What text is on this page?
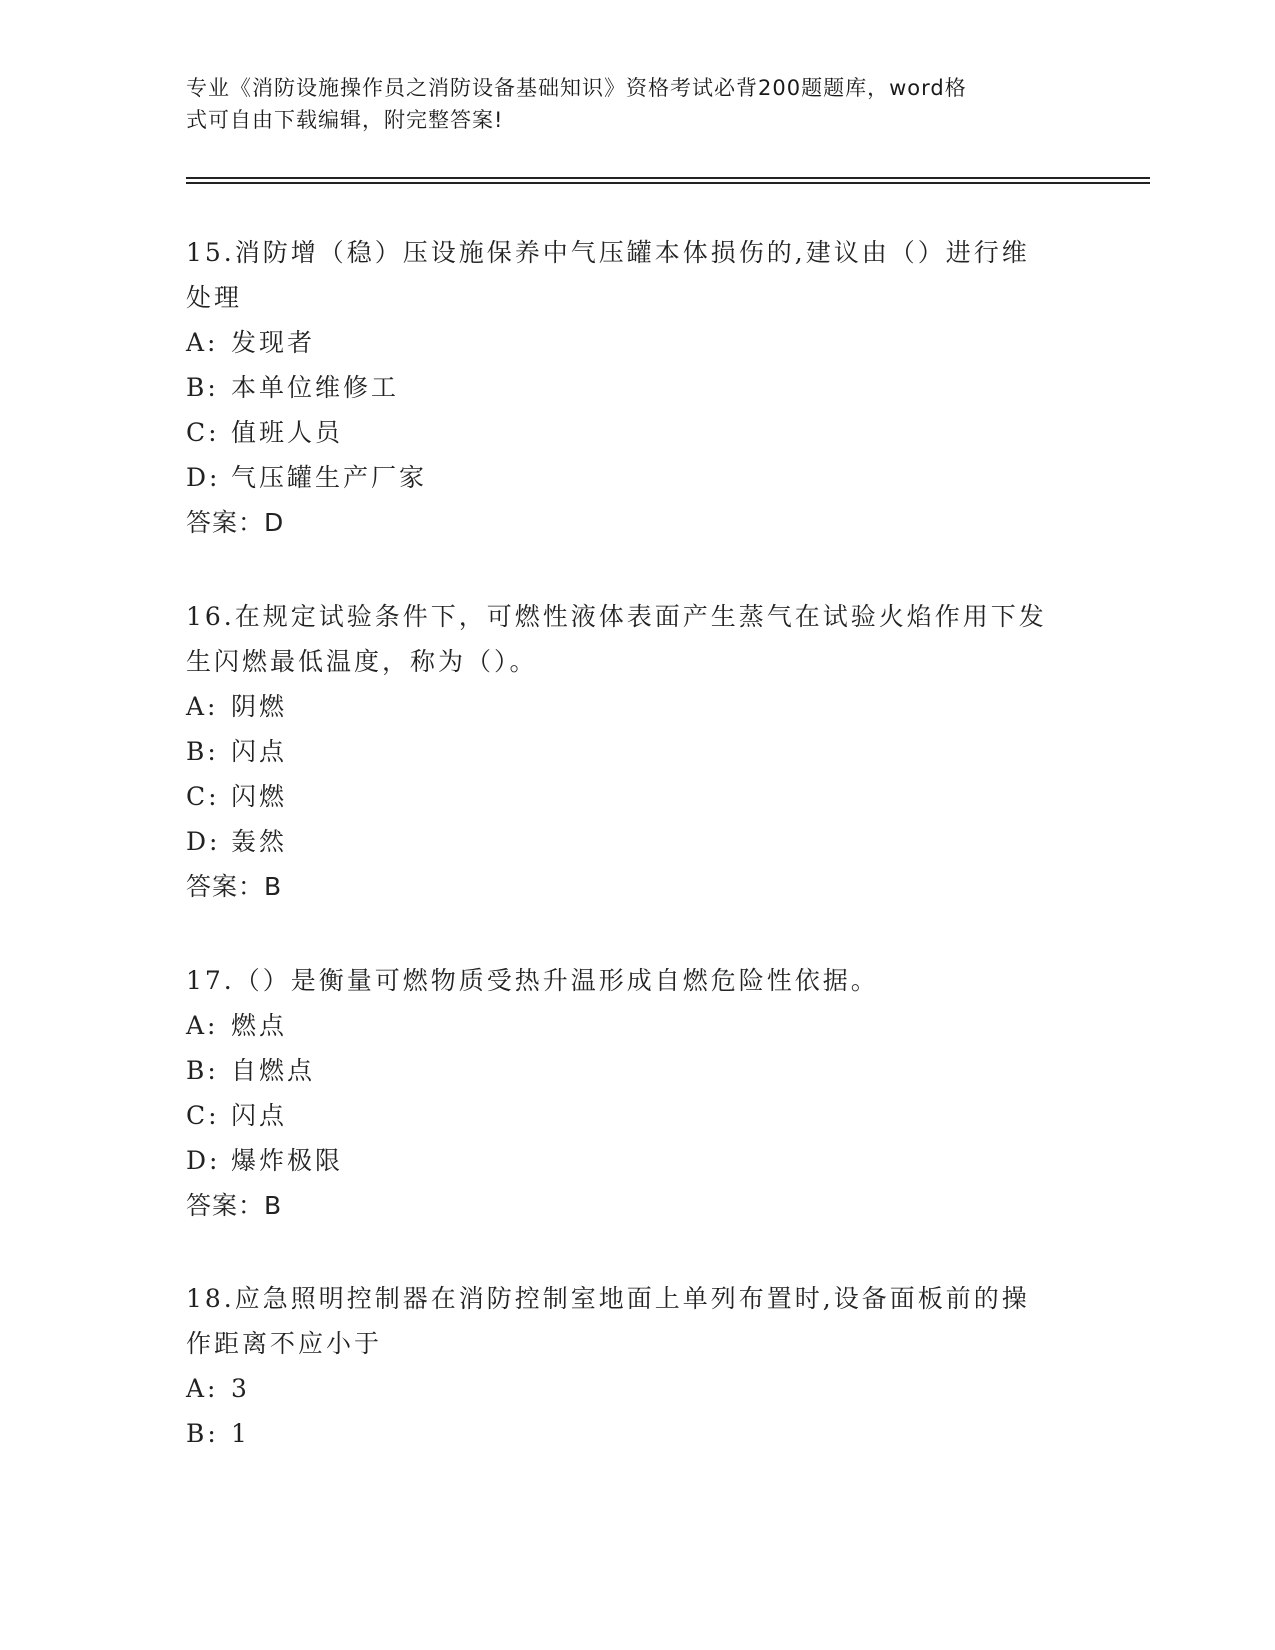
专业《消防设施操作员之消防设备基础知识》资格考试必背200题题库，word格
式可自由下载编辑，附完整答案!

15.消防增（稳）压设施保养中气压罐本体损伤的,建议由（）进行维

处理

A: 发现者

B: 本单位维修工

C: 值班人员

D: 气压罐生产厂家

答案：D

16.在规定试验条件下，可燃性液体表面产生蒸气在试验火焰作用下发

生闪燃最低温度，称为（）。

A: 阴燃

B: 闪点

C: 闪燃

D: 轰然

答案：B

17.（）是衡量可燃物质受热升温形成自燃危险性依据。

A: 燃点

B: 自燃点

C: 闪点

D: 爆炸极限

答案：B

18.应急照明控制器在消防控制室地面上单列布置时,设备面板前的操

作距离不应小于

A: 3

B: 1
